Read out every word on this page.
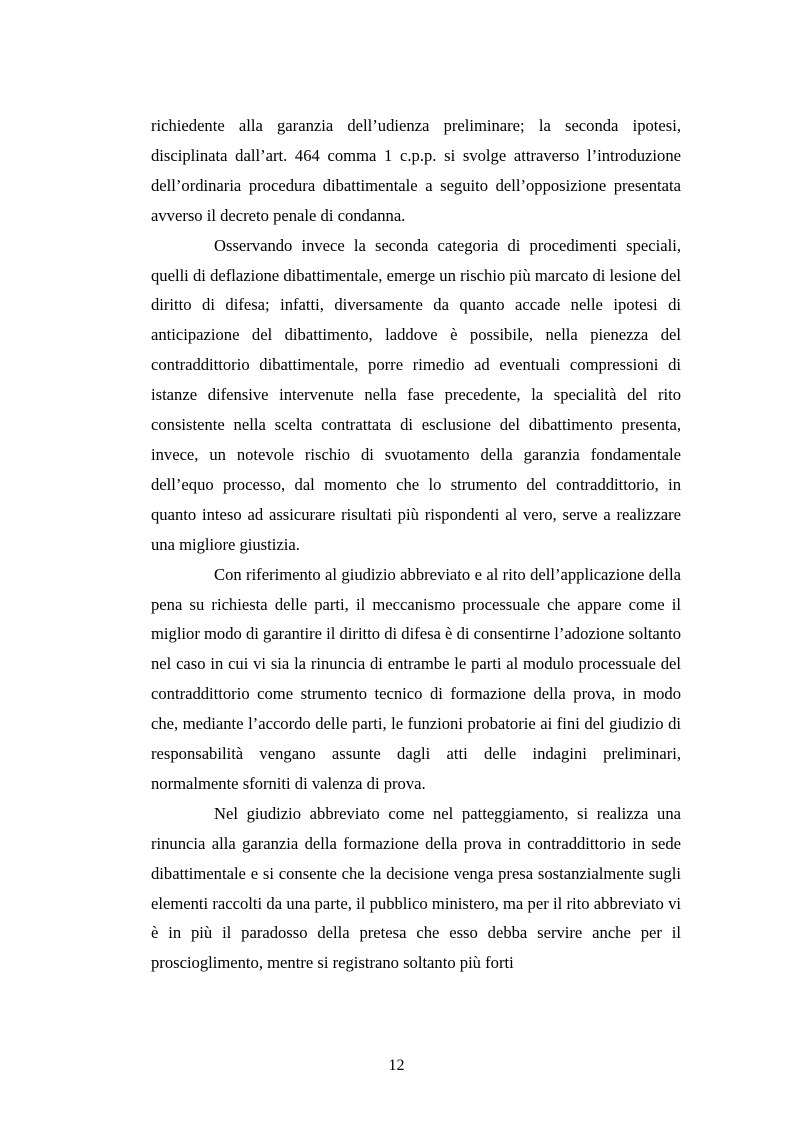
richiedente alla garanzia dell’udienza preliminare; la seconda ipotesi, disciplinata dall’art. 464 comma 1 c.p.p. si svolge attraverso l’introduzione dell’ordinaria procedura dibattimentale a seguito dell’opposizione presentata avverso il decreto penale di condanna.

Osservando invece la seconda categoria di procedimenti speciali, quelli di deflazione dibattimentale, emerge un rischio più marcato di lesione del diritto di difesa; infatti, diversamente da quanto accade nelle ipotesi di anticipazione del dibattimento, laddove è possibile, nella pienezza del contraddittorio dibattimentale, porre rimedio ad eventuali compressioni di istanze difensive intervenute nella fase precedente, la specialità del rito consistente nella scelta contrattata di esclusione del dibattimento presenta, invece, un notevole rischio di svuotamento della garanzia fondamentale dell’equo processo, dal momento che lo strumento del contraddittorio, in quanto inteso ad assicurare risultati più rispondenti al vero, serve a realizzare una migliore giustizia.

Con riferimento al giudizio abbreviato e al rito dell’applicazione della pena su richiesta delle parti, il meccanismo processuale che appare come il miglior modo di garantire il diritto di difesa è di consentirne l’adozione soltanto nel caso in cui vi sia la rinuncia di entrambe le parti al modulo processuale del contraddittorio come strumento tecnico di formazione della prova, in modo che, mediante l’accordo delle parti, le funzioni probatorie ai fini del giudizio di responsabilità vengano assunte dagli atti delle indagini preliminari, normalmente sforniti di valenza di prova.

Nel giudizio abbreviato come nel patteggiamento, si realizza una rinuncia alla garanzia della formazione della prova in contraddittorio in sede dibattimentale e si consente che la decisione venga presa sostanzialmente sugli elementi raccolti da una parte, il pubblico ministero, ma per il rito abbreviato vi è in più il paradosso della pretesa che esso debba servire anche per il proscioglimento, mentre si registrano soltanto più forti

12
